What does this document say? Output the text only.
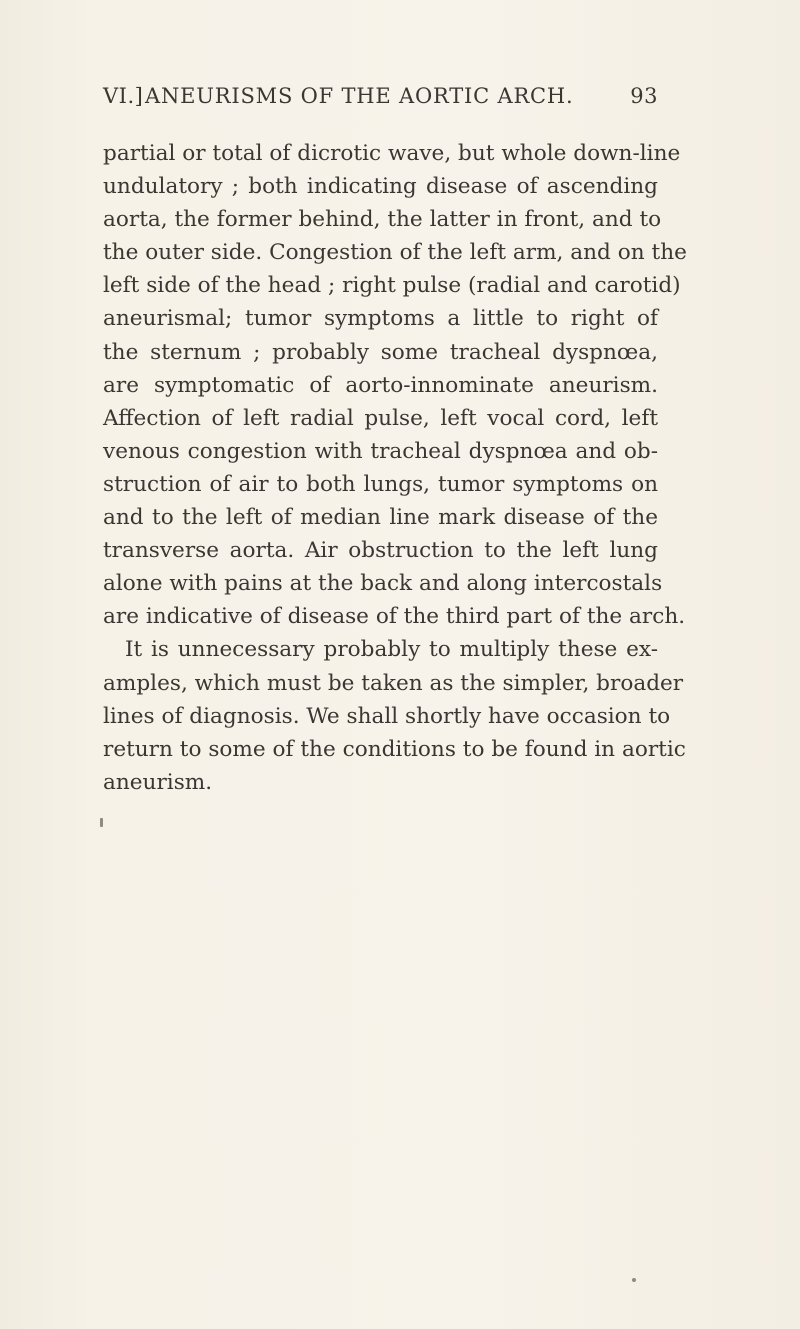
VI.] ANEURISMS OF THE AORTIC ARCH.	93
partial or total of dicrotic wave, but whole down-line
undulatory ; both indicating disease of ascending
aorta, the former behind, the latter in front, and to
the outer side. Congestion of the left arm, and on the
left side of the head ; right pulse (radial and carotid)
aneurismal; tumor symptoms a little to right of
the sternum ; probably some tracheal dyspnœa,
are symptomatic of aorto-innominate aneurism.
Affection of left radial pulse, left vocal cord, left
venous congestion with tracheal dyspnœa and ob-
struction of air to both lungs, tumor symptoms on
and to the left of median line mark disease of the
transverse aorta. Air obstruction to the left lung
alone with pains at the back and along intercostals
are indicative of disease of the third part of the arch.
It is unnecessary probably to multiply these ex-
amples, which must be taken as the simpler, broader
lines of diagnosis. We shall shortly have occasion to
return to some of the conditions to be found in aortic
aneurism.
